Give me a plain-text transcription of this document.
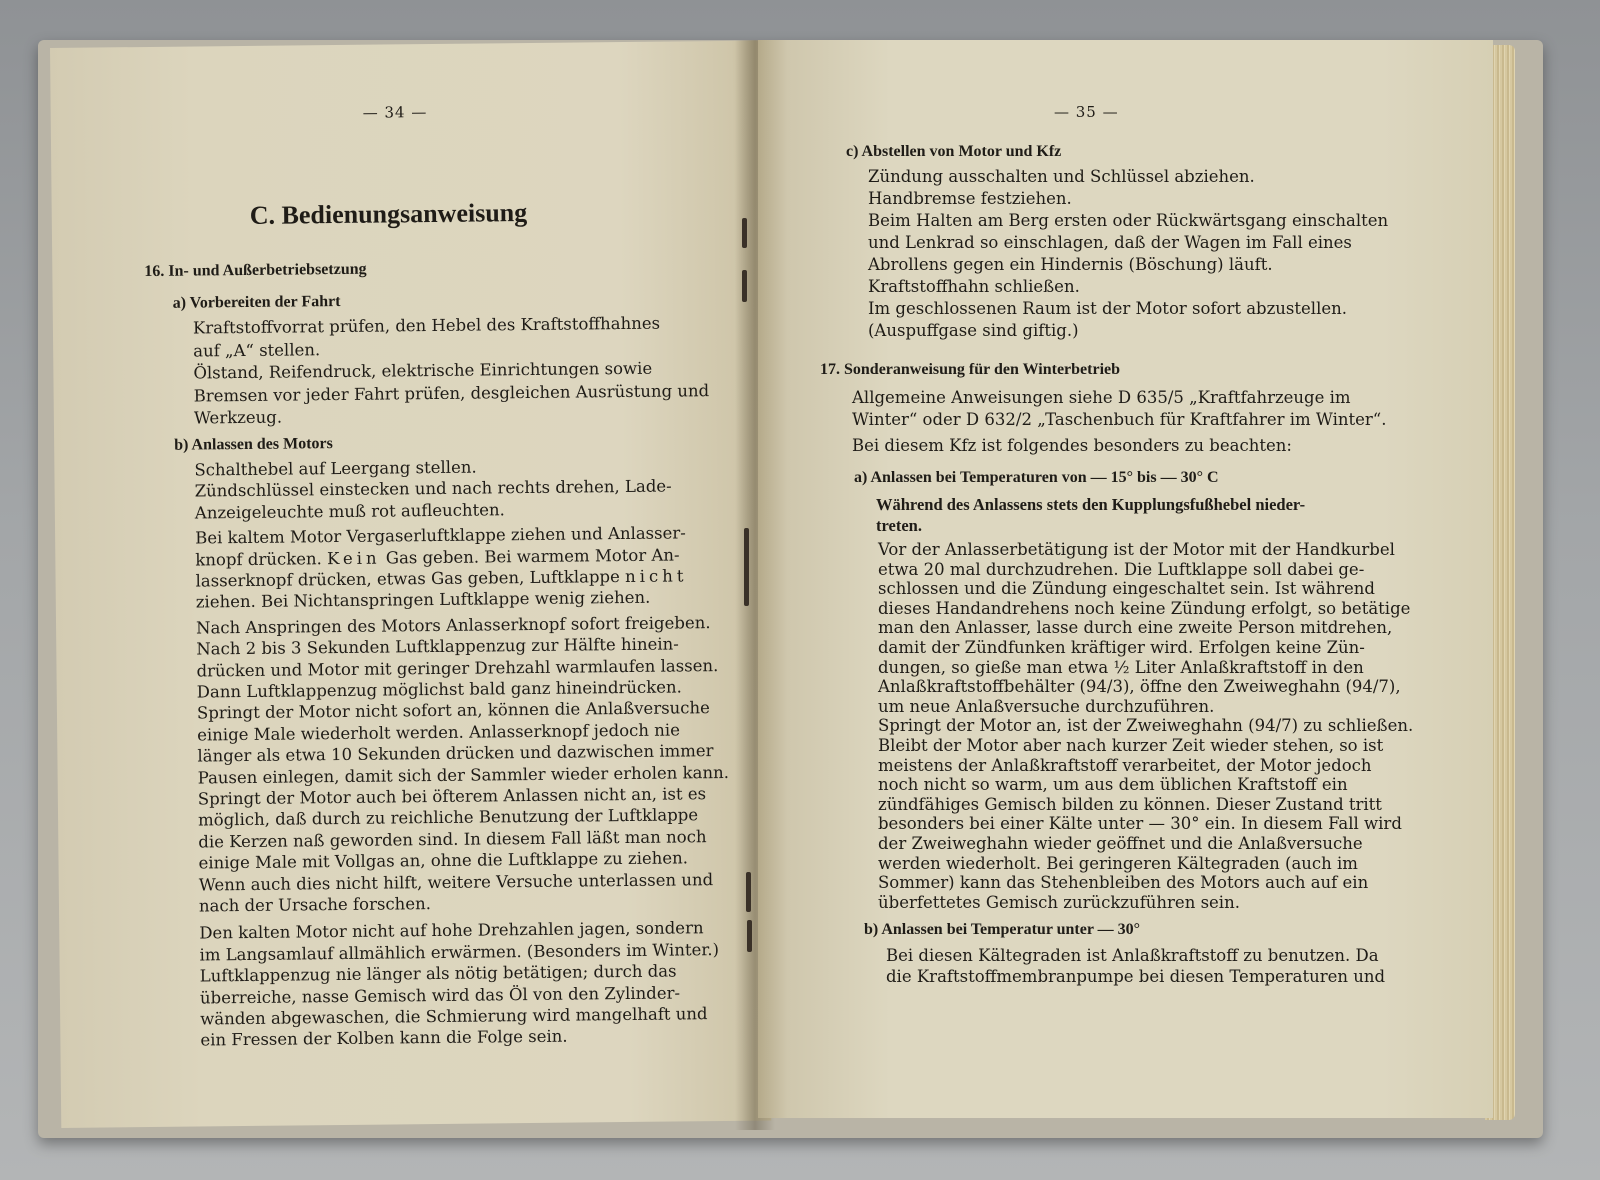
— 34 —
C. Bedienungsanweisung
16. In- und Außerbetriebsetzung
a) Vorbereiten der Fahrt
Kraftstoffvorrat prüfen, den Hebel des Kraftstoffhahnes
auf „A“ stellen.
Ölstand, Reifendruck, elektrische Einrichtungen sowie
Bremsen vor jeder Fahrt prüfen, desgleichen Ausrüstung und
Werkzeug.
b) Anlassen des Motors
Schalthebel auf Leergang stellen.
Zündschlüssel einstecken und nach rechts drehen, Lade-
Anzeigeleuchte muß rot aufleuchten.
Bei kaltem Motor Vergaserluftklappe ziehen und Anlasser-
knopf drücken. Kein Gas geben. Bei warmem Motor An-
lasserknopf drücken, etwas Gas geben, Luftklappe nicht
ziehen. Bei Nichtanspringen Luftklappe wenig ziehen.
Nach Anspringen des Motors Anlasserknopf sofort freigeben.
Nach 2 bis 3 Sekunden Luftklappenzug zur Hälfte hinein-
drücken und Motor mit geringer Drehzahl warmlaufen lassen.
Dann Luftklappenzug möglichst bald ganz hineindrücken.
Springt der Motor nicht sofort an, können die Anlaßversuche
einige Male wiederholt werden. Anlasserknopf jedoch nie
länger als etwa 10 Sekunden drücken und dazwischen immer
Pausen einlegen, damit sich der Sammler wieder erholen kann.
Springt der Motor auch bei öfterem Anlassen nicht an, ist es
möglich, daß durch zu reichliche Benutzung der Luftklappe
die Kerzen naß geworden sind. In diesem Fall läßt man noch
einige Male mit Vollgas an, ohne die Luftklappe zu ziehen.
Wenn auch dies nicht hilft, weitere Versuche unterlassen und
nach der Ursache forschen.
Den kalten Motor nicht auf hohe Drehzahlen jagen, sondern
im Langsamlauf allmählich erwärmen. (Besonders im Winter.)
Luftklappenzug nie länger als nötig betätigen; durch das
überreiche, nasse Gemisch wird das Öl von den Zylinder-
wänden abgewaschen, die Schmierung wird mangelhaft und
ein Fressen der Kolben kann die Folge sein.
— 35 —
c) Abstellen von Motor und Kfz
Zündung ausschalten und Schlüssel abziehen.
Handbremse festziehen.
Beim Halten am Berg ersten oder Rückwärtsgang einschalten
und Lenkrad so einschlagen, daß der Wagen im Fall eines
Abrollens gegen ein Hindernis (Böschung) läuft.
Kraftstoffhahn schließen.
Im geschlossenen Raum ist der Motor sofort abzustellen.
(Auspuffgase sind giftig.)
17. Sonderanweisung für den Winterbetrieb
Allgemeine Anweisungen siehe D 635/5 „Kraftfahrzeuge im
Winter“ oder D 632/2 „Taschenbuch für Kraftfahrer im Winter“.
Bei diesem Kfz ist folgendes besonders zu beachten:
a) Anlassen bei Temperaturen von — 15° bis — 30° C
Während des Anlassens stets den Kupplungsfußhebel nieder-
treten.
Vor der Anlasserbetätigung ist der Motor mit der Handkurbel
etwa 20 mal durchzudrehen. Die Luftklappe soll dabei ge-
schlossen und die Zündung eingeschaltet sein. Ist während
dieses Handandrehens noch keine Zündung erfolgt, so betätige
man den Anlasser, lasse durch eine zweite Person mitdrehen,
damit der Zündfunken kräftiger wird. Erfolgen keine Zün-
dungen, so gieße man etwa ½ Liter Anlaßkraftstoff in den
Anlaßkraftstoffbehälter (94/3), öffne den Zweiweghahn (94/7),
um neue Anlaßversuche durchzuführen.
Springt der Motor an, ist der Zweiweghahn (94/7) zu schließen.
Bleibt der Motor aber nach kurzer Zeit wieder stehen, so ist
meistens der Anlaßkraftstoff verarbeitet, der Motor jedoch
noch nicht so warm, um aus dem üblichen Kraftstoff ein
zündfähiges Gemisch bilden zu können. Dieser Zustand tritt
besonders bei einer Kälte unter — 30° ein. In diesem Fall wird
der Zweiweghahn wieder geöffnet und die Anlaßversuche
werden wiederholt. Bei geringeren Kältegraden (auch im
Sommer) kann das Stehenbleiben des Motors auch auf ein
überfettetes Gemisch zurückzuführen sein.
b) Anlassen bei Temperatur unter — 30°
Bei diesen Kältegraden ist Anlaßkraftstoff zu benutzen. Da
die Kraftstoffmembranpumpe bei diesen Temperaturen und
